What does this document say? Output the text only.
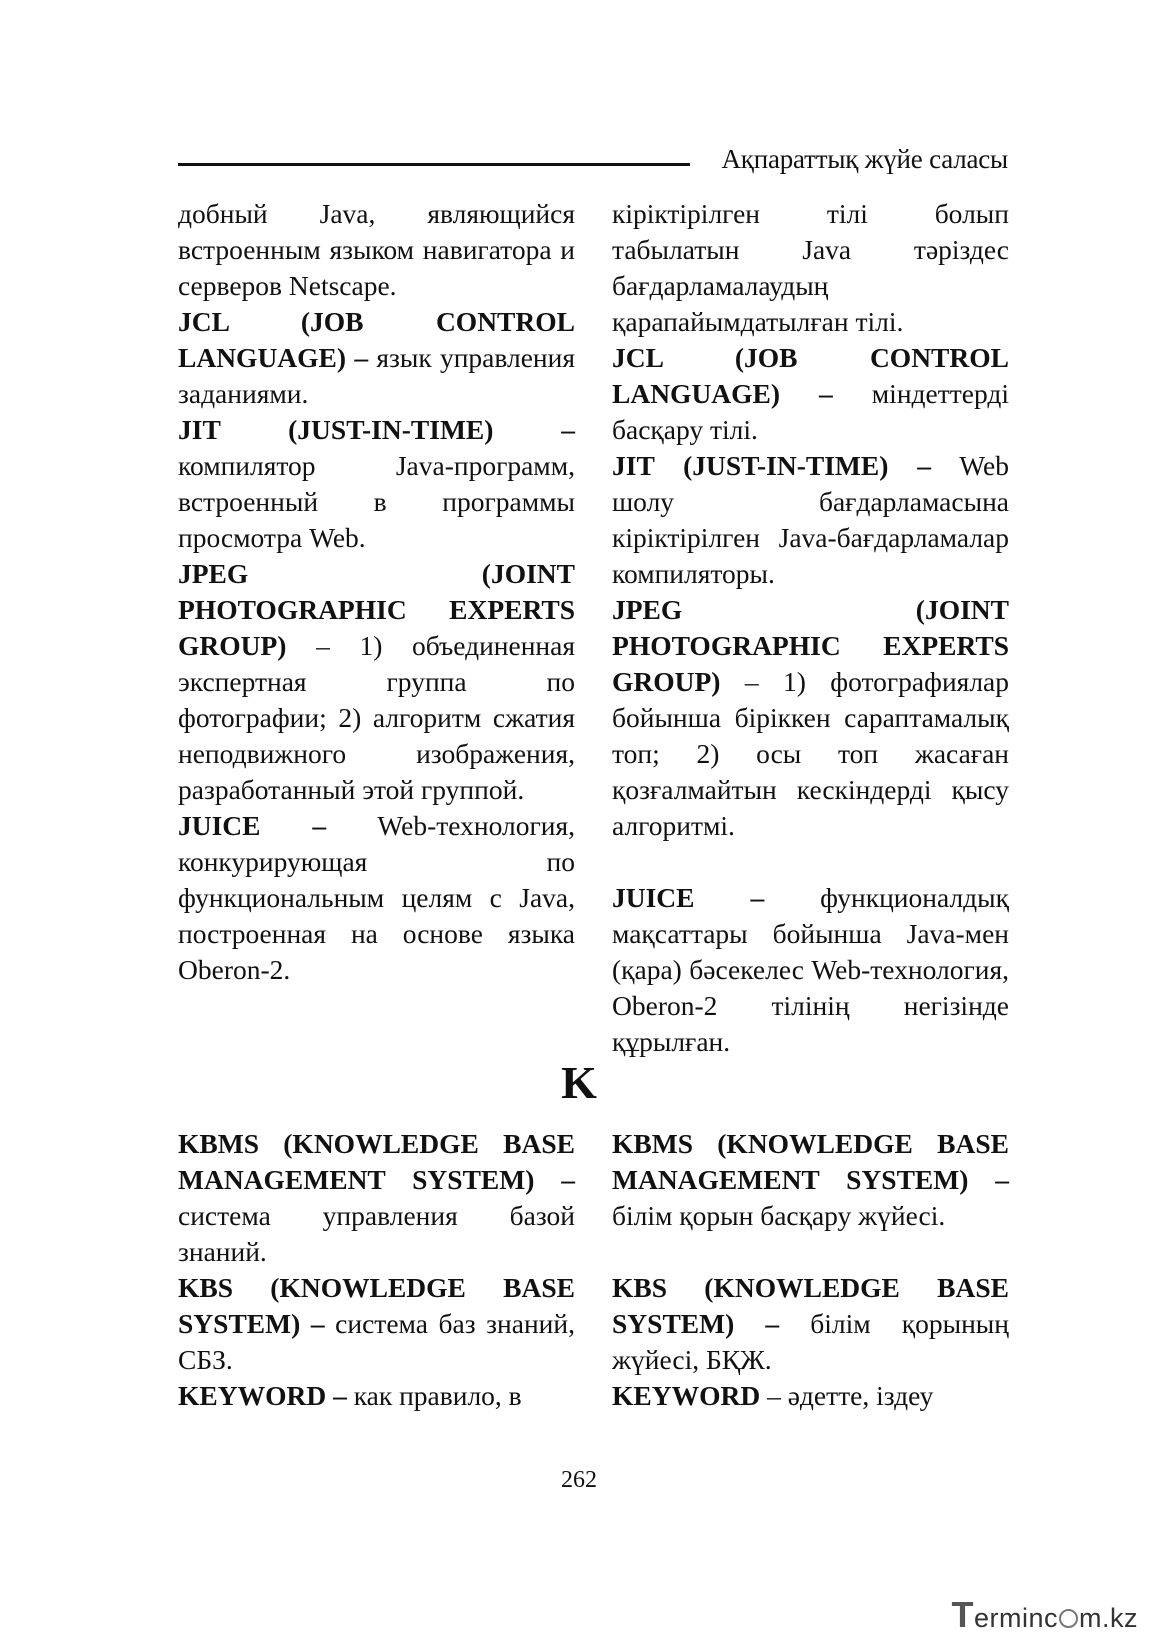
Ақпараттық жүйе саласы

добный Java, являющийся встроенным языком навигатора и серверов Netscape.

JCL (JOB CONTROL LANGUAGE) – язык управления заданиями.

JIT (JUST-IN-TIME) – компилятор Java-программ, встроенный в программы просмотра Web.

JPEG (JOINT PHOTOGRAPHIC EXPERTS GROUP) – 1) объединенная экспертная группа по фотографии; 2) алгоритм сжатия неподвижного изображения, разработанный этой группой.

JUICE – Web-технология, конкурирующая по функциональным целям с Java, построенная на основе языка Oberon-2.

кіріктірілген тілі болып табылатын Java тәріздес бағдарламалаудың қарапайымдатылған тілі.

JCL (JOB CONTROL LANGUAGE) – міндеттерді басқару тілі.

JIT (JUST-IN-TIME) – Web шолу бағдарламасына кіріктірілген Java-бағдарламалар компиляторы.

JPEG (JOINT PHOTOGRAPHIC EXPERTS GROUP) – 1) фотографиялар бойынша біріккен сараптамалық топ; 2) осы топ жасаған қозғалмайтын кескіндерді қысу алгоритмі.

JUICE – функционалдық мақсаттары бойынша Java-мен (қара) бәсекелес Web-технология, Oberon-2 тілінің негізінде құрылған.

K

KBMS (KNOWLEDGE BASE MANAGEMENT SYSTEM) – система управления базой знаний.

KBS (KNOWLEDGE BASE SYSTEM) – система баз знаний, СБЗ.

KEYWORD – как правило, в

KBMS (KNOWLEDGE BASE MANAGEMENT SYSTEM) – білім қорын басқару жүйесі.

KBS (KNOWLEDGE BASE SYSTEM) – білім қорының жүйесі, БҚЖ.

KEYWORD – әдетте, іздеу

262
Terminc m.kz
